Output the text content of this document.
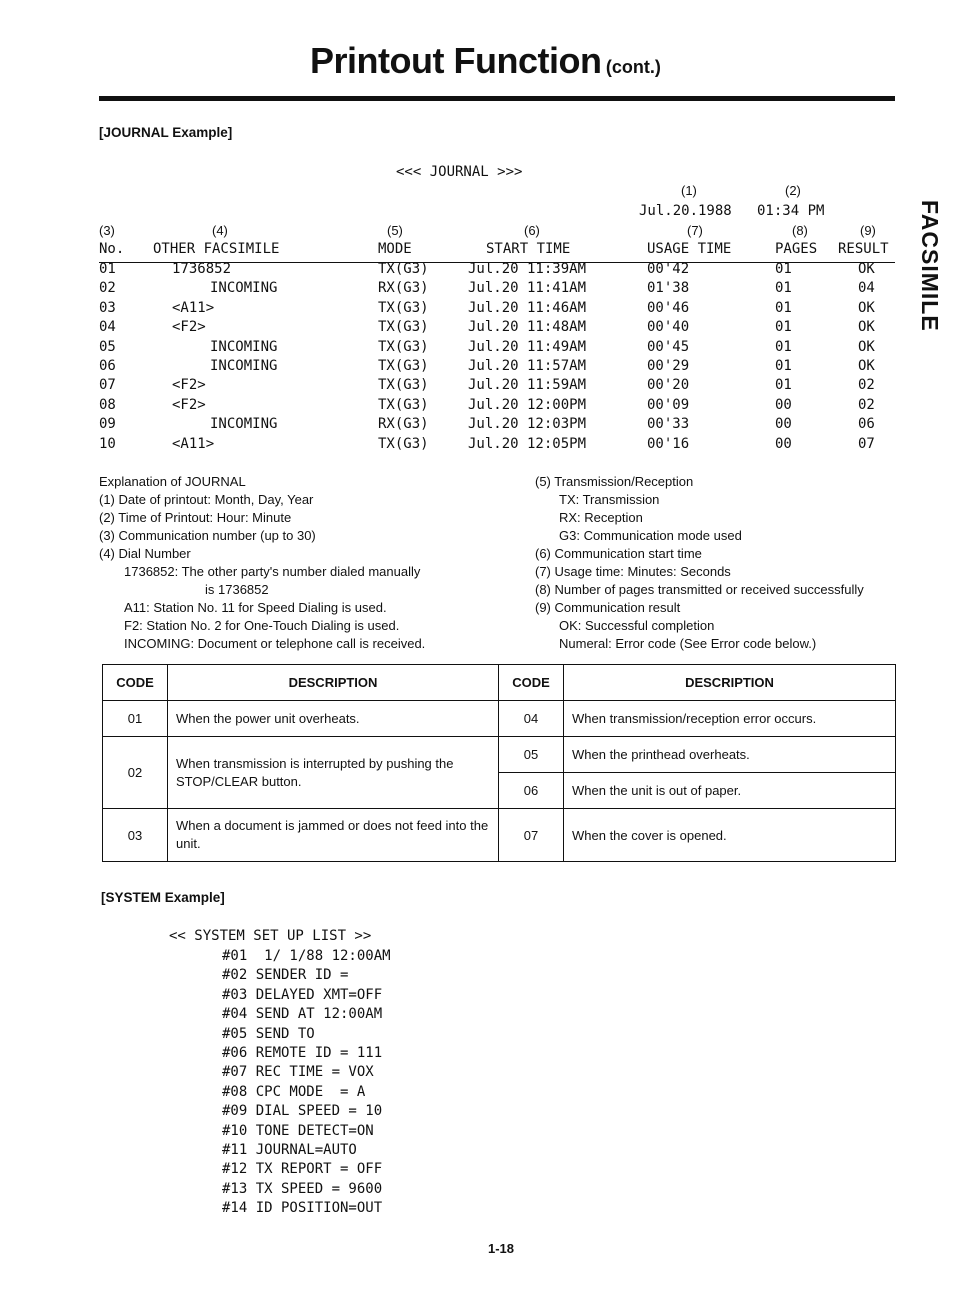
Printout Function (cont.)
FACSIMILE
[JOURNAL Example]
<<< JOURNAL >>>
(1)	(2)
Jul.20.1988 01:34 PM
(3)	(4)	(5)	(6)	(7)	(8)	(9)
No. OTHER FACSIMILE	MODE	START TIME	USAGE TIME	PAGES RESULT
01	1736852	TX(G3)	Jul.20 11:39AM	00'42	01	OK
02	INCOMING	RX(G3)	Jul.20 11:41AM	01'38	01	04
03	<A11>	TX(G3)	Jul.20 11:46AM	00'46	01	OK
04	<F2>	TX(G3)	Jul.20 11:48AM	00'40	01	OK
05	INCOMING	TX(G3)	Jul.20 11:49AM	00'45	01	OK
06	INCOMING	TX(G3)	Jul.20 11:57AM	00'29	01	OK
07	<F2>	TX(G3)	Jul.20 11:59AM	00'20	01	02
08	<F2>	TX(G3)	Jul.20 12:00PM	00'09	00	02
09	INCOMING	RX(G3)	Jul.20 12:03PM	00'33	00	06
10	<A11>	TX(G3)	Jul.20 12:05PM	00'16	00	07
Explanation of JOURNAL
(1) Date of printout: Month, Day, Year
(2) Time of Printout: Hour: Minute
(3) Communication number (up to 30)
(4) Dial Number
1736852: The other party's number dialed manually
is 1736852
A11: Station No. 11 for Speed Dialing is used.
F2: Station No. 2 for One-Touch Dialing is used.
INCOMING: Document or telephone call is received.
(5) Transmission/Reception
TX: Transmission
RX: Reception
G3: Communication mode used
(6) Communication start time
(7) Usage time: Minutes: Seconds
(8) Number of pages transmitted or received successfully
(9) Communication result
OK: Successful completion
Numeral: Error code (See Error code below.)
CODE	DESCRIPTION	CODE	DESCRIPTION
01	When the power unit overheats.	04	When transmission/reception error occurs.
02	When transmission is interrupted by pushing the STOP/CLEAR button.	05	When the printhead overheats.
		06	When the unit is out of paper.
03	When a document is jammed or does not feed into the unit.	07	When the cover is opened.
[SYSTEM Example]
<< SYSTEM SET UP LIST >>
#01  1/ 1/88 12:00AM
#02 SENDER ID =
#03 DELAYED XMT=OFF
#04 SEND AT 12:00AM
#05 SEND TO
#06 REMOTE ID = 111
#07 REC TIME = VOX
#08 CPC MODE  = A
#09 DIAL SPEED = 10
#10 TONE DETECT=ON
#11 JOURNAL=AUTO
#12 TX REPORT = OFF
#13 TX SPEED = 9600
#14 ID POSITION=OUT
1-18
